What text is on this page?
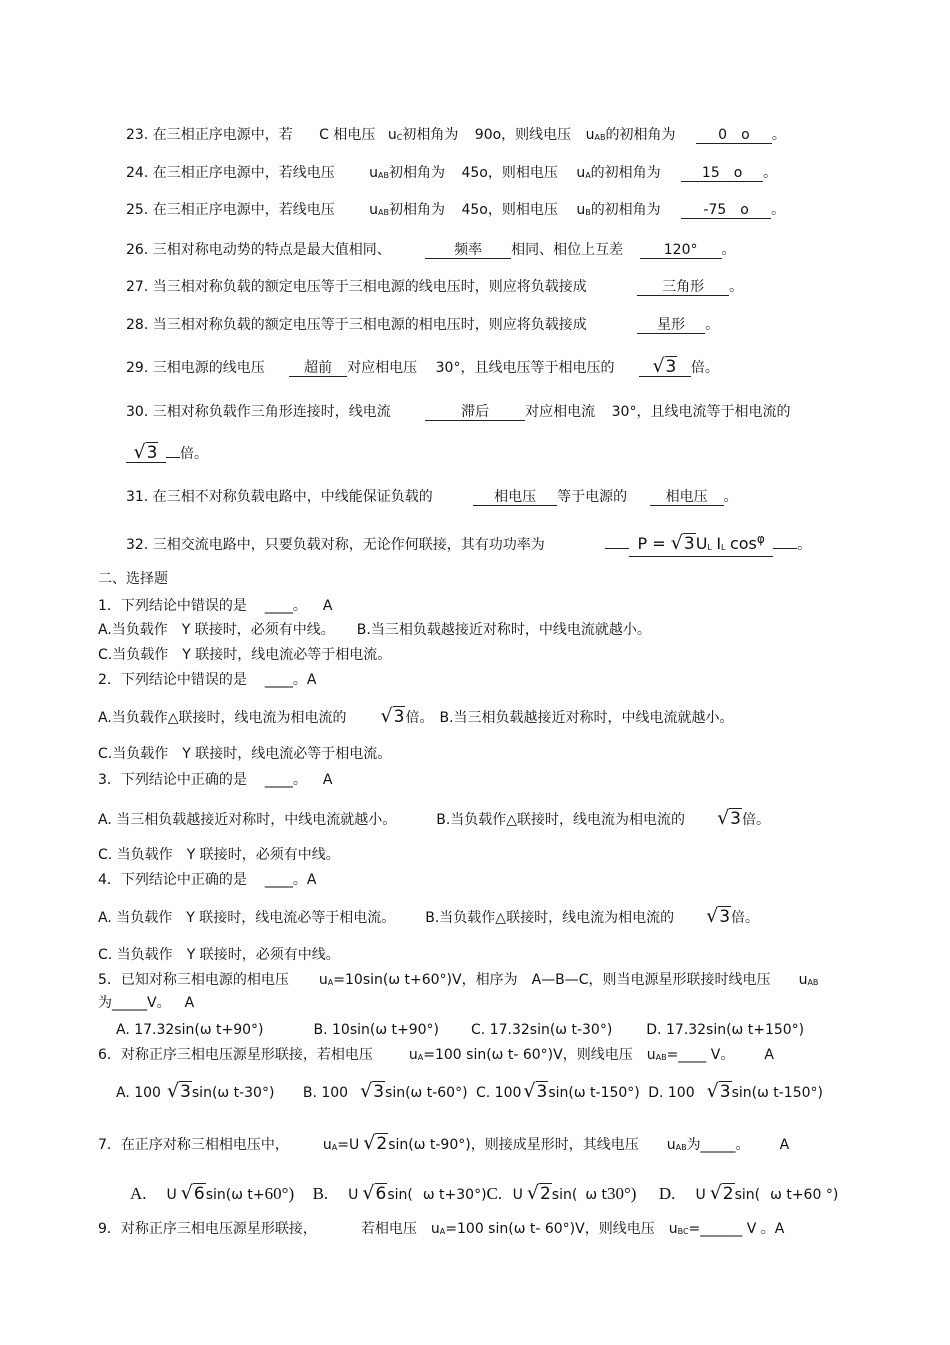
23. 在三相正序电源中，若 C 相电压 uC初相角为 90o，则线电压 uAB的初相角为	0　o 。
24. 在三相正序电源中，若线电压 uAB初相角为 45o，则相电压 uA的初相角为	15　o 。
25. 在三相正序电源中，若线电压 uAB初相角为 45o，则相电压 uB的初相角为	-75　o 。
26. 三相对称电动势的特点是最大值相同、	频率 相同、相位上互差	120° 。
27. 当三相对称负载的额定电压等于三相电源的线电压时，则应将负载接成	三角形 。
28. 当三相对称负载的额定电压等于三相电源的相电压时，则应将负载接成	星形 。
29. 三相电源的线电压	超前 对应相电压 30°，且线电压等于相电压的 √3 倍。
30. 三相对称负载作三角形连接时，线电流	滞后	对应相电流 30°，且线电流等于相电流的
√3 倍。
31. 在三相不对称负载电路中，中线能保证负载的	相电压 等于电源的	相电压 。
32. 三相交流电路中，只要负载对称，无论作何联接，其有功功率为	P = √3UL IL cosφ 。
二、选择题
1．下列结论中错误的是 ____。 A
A.当负载作 Y 联接时，必须有中线。 B.当三相负载越接近对称时，中线电流就越小。
C.当负载作 Y 联接时，线电流必等于相电流。
2．下列结论中错误的是 ____。A
A.当负载作△联接时，线电流为相电流的 √3倍。 B.当三相负载越接近对称时，中线电流就越小。
C.当负载作 Y 联接时，线电流必等于相电流。
3．下列结论中正确的是 ____。 A
A. 当三相负载越接近对称时，中线电流就越小。	B.当负载作△联接时，线电流为相电流的 √3倍。
C. 当负载作 Y 联接时，必须有中线。
4．下列结论中正确的是 ____。A
A. 当负载作 Y 联接时，线电流必等于相电流。 B.当负载作△联接时，线电流为相电流的 √3倍。
C. 当负载作 Y 联接时，必须有中线。
5．已知对称三相电源的相电压 uA=10sin(ω t+60°)V，相序为 A—B—C，则当电源星形联接时线电压 uAB
为_____V。 A
A. 17.32sin(ω t+90°)	B. 10sin(ω t+90°) C. 17.32sin(ω t-30°) D. 17.32sin(ω t+150°)
6．对称正序三相电压源星形联接，若相电压	uA=100 sin(ω t- 60°)V，则线电压 uAB=____ V。 A
A. 100 √3sin(ω t-30°) B. 100 √3sin(ω t-60°) C. 100 √3sin(ω t-150°) D. 100 √3sin(ω t-150°)
7．在正序对称三相相电压中， uA=U √2sin(ω t-90°)，则接成星形时，其线电压 uAB为_____。 A
A. U √6sin(ω t+60°) B. U √6sin( ω t+30°)C. U √2sin( ω t30°) D. U √2sin( ω t+60 °)
9．对称正序三相电压源星形联接，	若相电压 uA=100 sin(ω t- 60°)V，则线电压 uBC=______ V 。A
